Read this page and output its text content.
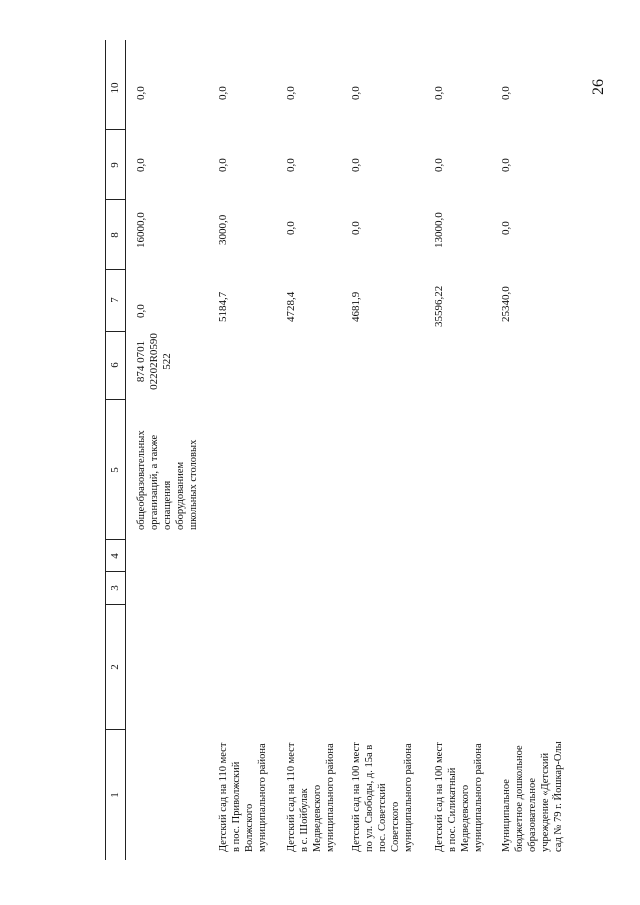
26
1
2
3
4
5
6
7
8
9
10
общеобразовательных
организаций, а также
оснащения
оборудованием
школьных столовых
874 0701
02202R0590
522
0,0
16000,0
0,0
0,0
Детский сад на 110 мест
в пос. Приволжский
Волжского
муниципального района
5184,7
3000,0
0,0
0,0
Детский сад на 110 мест
в с. Шойбулак
Медведевского
муниципального района
4728,4
0,0
0,0
0,0
Детский сад на 100 мест
по ул. Свободы, д. 15а в
пос. Советский
Советского
муниципального района
4681,9
0,0
0,0
0,0
Детский сад на 100 мест
в пос. Силикатный
Медведевского
муниципального района
35596,22
13000,0
0,0
0,0
Муниципальное
бюджетное дошкольное
образовательное
учреждение «Детский
сад № 79 г. Йошкар-Олы
25340,0
0,0
0,0
0,0
